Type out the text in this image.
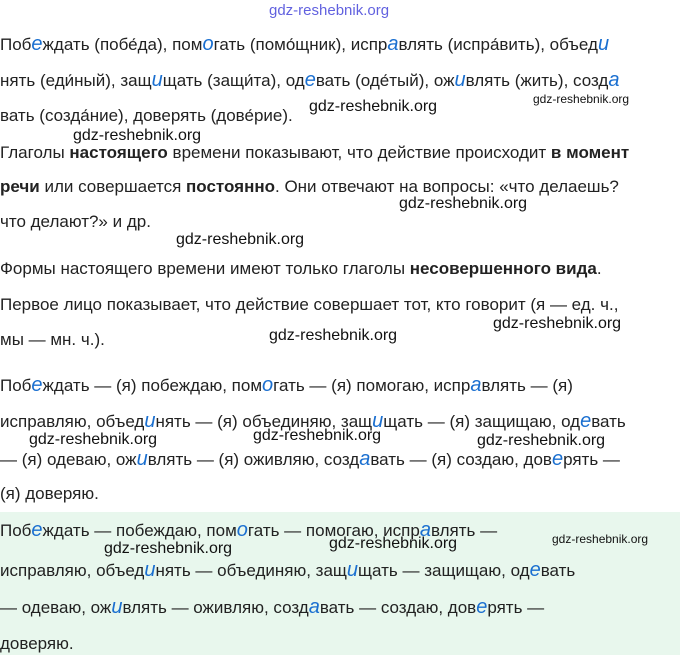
Побеждать (побе́да), помогать (помо́щник), исправлять (испра́вить), объеди
нять (еди́ный), защищать (защи́та), одевать (оде́тый), оживлять (жить), созда
вать (созда́ние), доверять (дове́рие).
Глаголы настоящего времени показывают, что действие происходит в момент
речи или совершается постоянно. Они отвечают на вопросы: «что делаешь?
что делают?» и др.
Формы настоящего времени имеют только глаголы несовершенного вида.
Первое лицо показывает, что действие совершает тот, кто говорит (я — ед. ч.,
мы — мн. ч.).
Побеждать — (я) побеждаю, помогать — (я) помогаю, исправлять — (я)
исправляю, объединять — (я) объединяю, защищать — (я) защищаю, одевать
— (я) одеваю, оживлять — (я) оживляю, создавать — (я) создаю, доверять —
(я) доверяю.
Побеждать — побеждаю, помогать — помогаю, исправлять —
исправляю, объединять — объединяю, защищать — защищаю, одевать
— одеваю, оживлять — оживляю, создавать — создаю, доверять —
доверяю.
gdz-reshebnik.org
gdz-reshebnik.org	gdz-reshebnik.org
gdz-reshebnik.org
gdz-reshebnik.org
gdz-reshebnik.org
gdz-reshebnik.org
gdz-reshebnik.org
gdz-reshebnik.org	gdz-reshebnik.org	gdz-reshebnik.org
gdz-reshebnik.org	gdz-reshebnik.org	gdz-reshebnik.org
